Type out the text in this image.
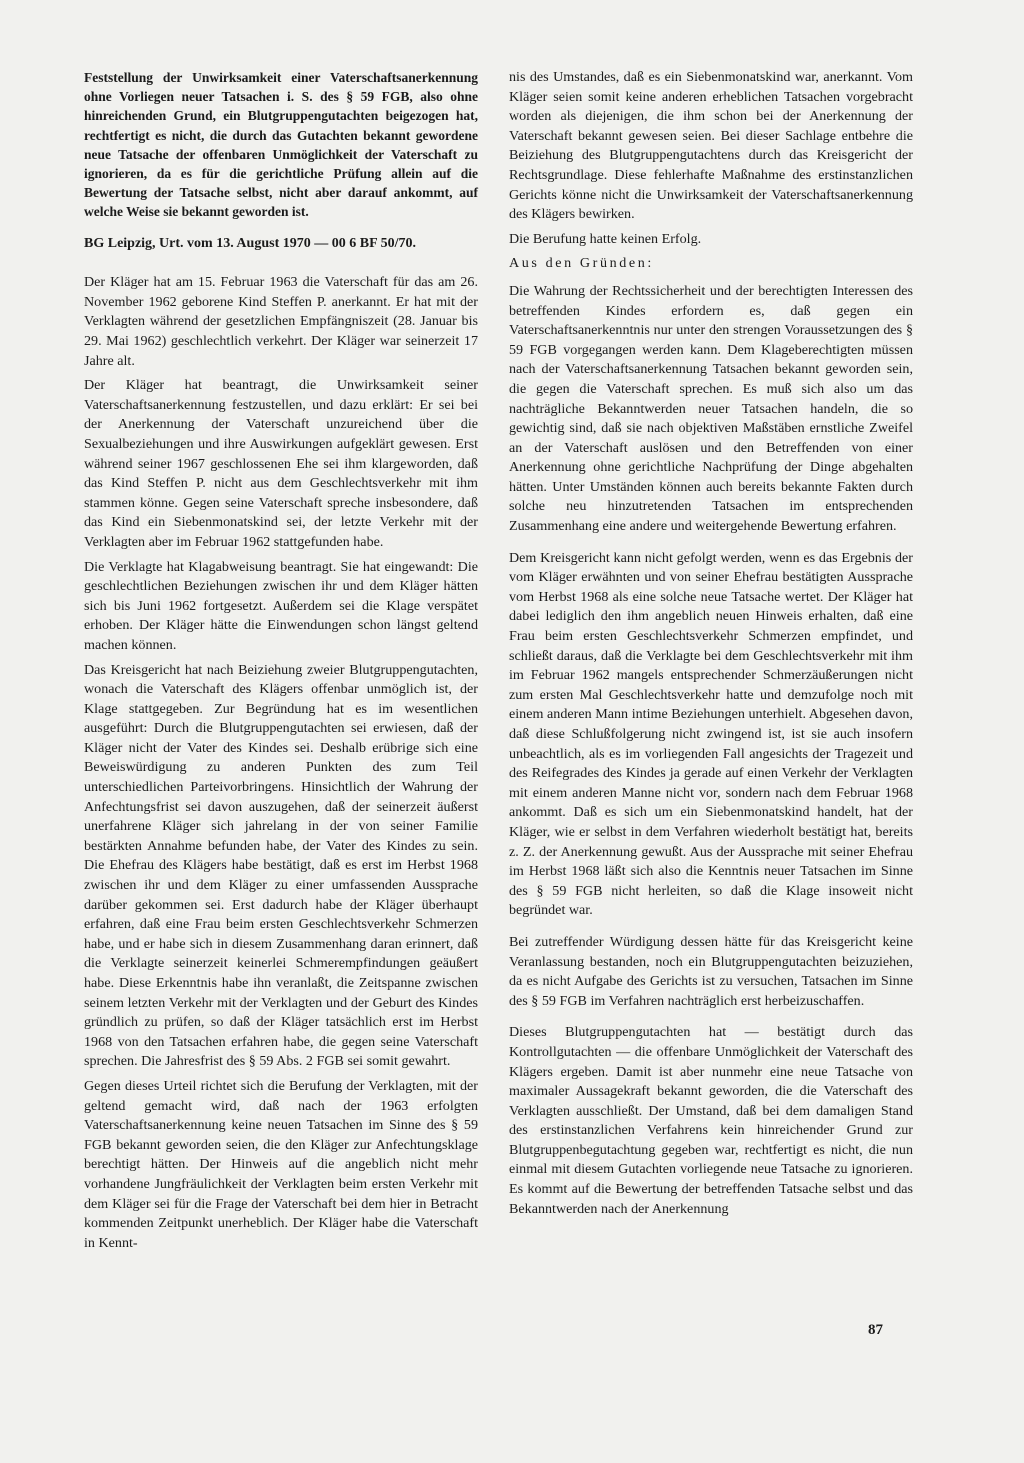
Feststellung der Unwirksamkeit einer Vaterschaftsanerkennung ohne Vorliegen neuer Tatsachen i. S. des § 59 FGB, also ohne hinreichenden Grund, ein Blutgruppengutachten beigezogen hat, rechtfertigt es nicht, die durch das Gutachten bekannt gewordene neue Tatsache der offenbaren Unmöglichkeit der Vaterschaft zu ignorieren, da es für die gerichtliche Prüfung allein auf die Bewertung der Tatsache selbst, nicht aber darauf ankommt, auf welche Weise sie bekannt geworden ist.

BG Leipzig, Urt. vom 13. August 1970 — 00 6 BF 50/70.

Der Kläger hat am 15. Februar 1963 die Vaterschaft für das am 26. November 1962 geborene Kind Steffen P. anerkannt. Er hat mit der Verklagten während der gesetzlichen Empfängniszeit (28. Januar bis 29. Mai 1962) geschlechtlich verkehrt. Der Kläger war seinerzeit 17 Jahre alt.

Der Kläger hat beantragt, die Unwirksamkeit seiner Vaterschaftsanerkennung festzustellen, und dazu erklärt: Er sei bei der Anerkennung der Vaterschaft unzureichend über die Sexualbeziehungen und ihre Auswirkungen aufgeklärt gewesen. Erst während seiner 1967 geschlossenen Ehe sei ihm klargeworden, daß das Kind Steffen P. nicht aus dem Geschlechtsverkehr mit ihm stammen könne. Gegen seine Vaterschaft spreche insbesondere, daß das Kind ein Siebenmonatskind sei, der letzte Verkehr mit der Verklagten aber im Februar 1962 stattgefunden habe.

Die Verklagte hat Klagabweisung beantragt. Sie hat eingewandt: Die geschlechtlichen Beziehungen zwischen ihr und dem Kläger hätten sich bis Juni 1962 fortgesetzt. Außerdem sei die Klage verspätet erhoben. Der Kläger hätte die Einwendungen schon längst geltend machen können.

Das Kreisgericht hat nach Beiziehung zweier Blutgruppengutachten, wonach die Vaterschaft des Klägers offenbar unmöglich ist, der Klage stattgegeben. Zur Begründung hat es im wesentlichen ausgeführt: Durch die Blutgruppengutachten sei erwiesen, daß der Kläger nicht der Vater des Kindes sei. Deshalb erübrige sich eine Beweiswürdigung zu anderen Punkten des zum Teil unterschiedlichen Parteivorbringens. Hinsichtlich der Wahrung der Anfechtungsfrist sei davon auszugehen, daß der seinerzeit äußerst unerfahrene Kläger sich jahrelang in der von seiner Familie bestärkten Annahme befunden habe, der Vater des Kindes zu sein. Die Ehefrau des Klägers habe bestätigt, daß es erst im Herbst 1968 zwischen ihr und dem Kläger zu einer umfassenden Aussprache darüber gekommen sei. Erst dadurch habe der Kläger überhaupt erfahren, daß eine Frau beim ersten Geschlechtsverkehr Schmerzen habe, und er habe sich in diesem Zusammenhang daran erinnert, daß die Verklagte seinerzeit keinerlei Schmerempfindungen geäußert habe. Diese Erkenntnis habe ihn veranlaßt, die Zeitspanne zwischen seinem letzten Verkehr mit der Verklagten und der Geburt des Kindes gründlich zu prüfen, so daß der Kläger tatsächlich erst im Herbst 1968 von den Tatsachen erfahren habe, die gegen seine Vaterschaft sprechen. Die Jahresfrist des § 59 Abs. 2 FGB sei somit gewahrt.

Gegen dieses Urteil richtet sich die Berufung der Verklagten, mit der geltend gemacht wird, daß nach der 1963 erfolgten Vaterschaftsanerkennung keine neuen Tatsachen im Sinne des § 59 FGB bekannt geworden seien, die den Kläger zur Anfechtungsklage berechtigt hätten. Der Hinweis auf die angeblich nicht mehr vorhandene Jungfräulichkeit der Verklagten beim ersten Verkehr mit dem Kläger sei für die Frage der Vaterschaft bei dem hier in Betracht kommenden Zeitpunkt unerheblich. Der Kläger habe die Vaterschaft in Kennt-

nis des Umstandes, daß es ein Siebenmonatskind war, anerkannt. Vom Kläger seien somit keine anderen erheblichen Tatsachen vorgebracht worden als diejenigen, die ihm schon bei der Anerkennung der Vaterschaft bekannt gewesen seien. Bei dieser Sachlage entbehre die Beiziehung des Blutgruppengutachtens durch das Kreisgericht der Rechtsgrundlage. Diese fehlerhafte Maßnahme des erstinstanzlichen Gerichts könne nicht die Unwirksamkeit der Vaterschaftsanerkennung des Klägers bewirken.

Die Berufung hatte keinen Erfolg.

Aus den Gründen:

Die Wahrung der Rechtssicherheit und der berechtigten Interessen des betreffenden Kindes erfordern es, daß gegen ein Vaterschaftsanerkenntnis nur unter den strengen Voraussetzungen des § 59 FGB vorgegangen werden kann. Dem Klageberechtigten müssen nach der Vaterschaftsanerkennung Tatsachen bekannt geworden sein, die gegen die Vaterschaft sprechen. Es muß sich also um das nachträgliche Bekanntwerden neuer Tatsachen handeln, die so gewichtig sind, daß sie nach objektiven Maßstäben ernstliche Zweifel an der Vaterschaft auslösen und den Betreffenden von einer Anerkennung ohne gerichtliche Nachprüfung der Dinge abgehalten hätten. Unter Umständen können auch bereits bekannte Fakten durch solche neu hinzutretenden Tatsachen im entsprechenden Zusammenhang eine andere und weitergehende Bewertung erfahren.

Dem Kreisgericht kann nicht gefolgt werden, wenn es das Ergebnis der vom Kläger erwähnten und von seiner Ehefrau bestätigten Aussprache vom Herbst 1968 als eine solche neue Tatsache wertet. Der Kläger hat dabei lediglich den ihm angeblich neuen Hinweis erhalten, daß eine Frau beim ersten Geschlechtsverkehr Schmerzen empfindet, und schließt daraus, daß die Verklagte bei dem Geschlechtsverkehr mit ihm im Februar 1962 mangels entsprechender Schmerzäußerungen nicht zum ersten Mal Geschlechtsverkehr hatte und demzufolge noch mit einem anderen Mann intime Beziehungen unterhielt. Abgesehen davon, daß diese Schlußfolgerung nicht zwingend ist, ist sie auch insofern unbeachtlich, als es im vorliegenden Fall angesichts der Tragezeit und des Reifegrades des Kindes ja gerade auf einen Verkehr der Verklagten mit einem anderen Manne nicht vor, sondern nach dem Februar 1968 ankommt. Daß es sich um ein Siebenmonatskind handelt, hat der Kläger, wie er selbst in dem Verfahren wiederholt bestätigt hat, bereits z. Z. der Anerkennung gewußt. Aus der Aussprache mit seiner Ehefrau im Herbst 1968 läßt sich also die Kenntnis neuer Tatsachen im Sinne des § 59 FGB nicht herleiten, so daß die Klage insoweit nicht begründet war.

Bei zutreffender Würdigung dessen hätte für das Kreisgericht keine Veranlassung bestanden, noch ein Blutgruppengutachten beizuziehen, da es nicht Aufgabe des Gerichts ist zu versuchen, Tatsachen im Sinne des § 59 FGB im Verfahren nachträglich erst herbeizuschaffen.

Dieses Blutgruppengutachten hat — bestätigt durch das Kontrollgutachten — die offenbare Unmöglichkeit der Vaterschaft des Klägers ergeben. Damit ist aber nunmehr eine neue Tatsache von maximaler Aussagekraft bekannt geworden, die die Vaterschaft des Verklagten ausschließt. Der Umstand, daß bei dem damaligen Stand des erstinstanzlichen Verfahrens kein hinreichender Grund zur Blutgruppenbegutachtung gegeben war, rechtfertigt es nicht, die nun einmal mit diesem Gutachten vorliegende neue Tatsache zu ignorieren. Es kommt auf die Bewertung der betreffenden Tatsache selbst und das Bekanntwerden nach der Anerkennung

87
